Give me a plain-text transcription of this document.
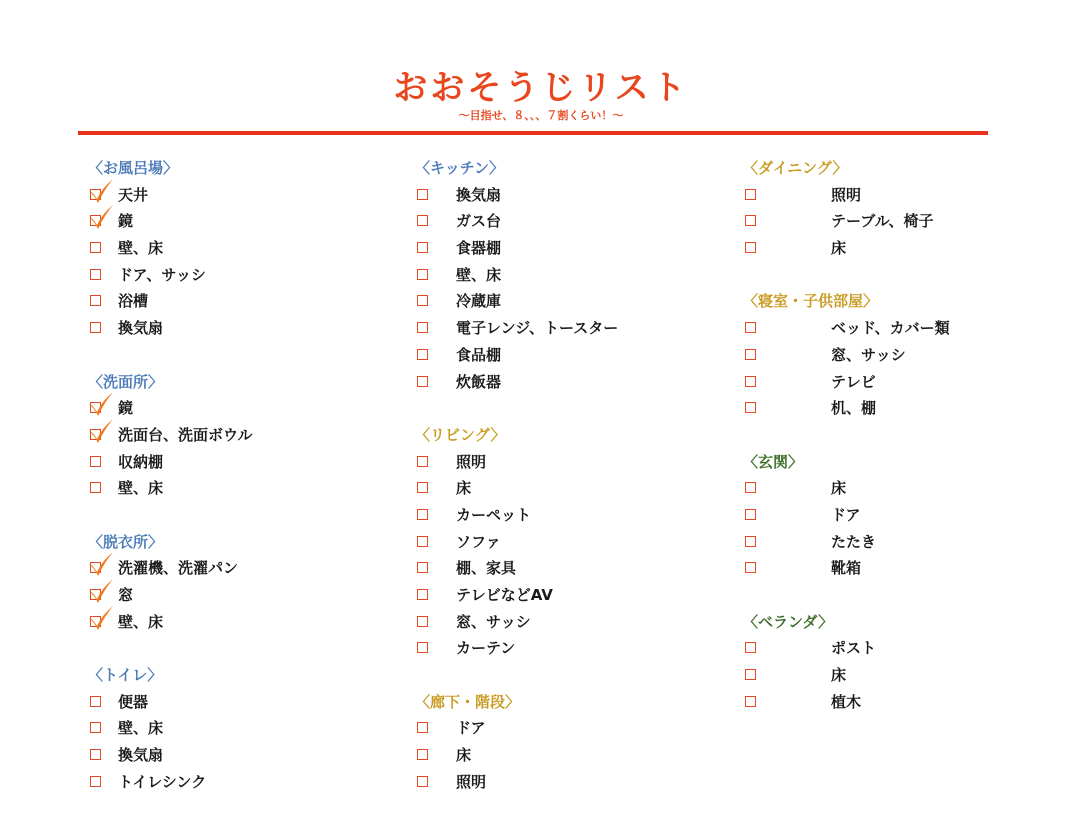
おおそうじリスト
〜目指せ、８、、、７割くらい！〜
〈お風呂場〉
天井
鏡
壁、床
ドア、サッシ
浴槽
換気扇
〈洗面所〉
鏡
洗面台、洗面ボウル
収納棚
壁、床
〈脱衣所〉
洗濯機、洗濯パン
窓
壁、床
〈トイレ〉
便器
壁、床
換気扇
トイレシンク
〈キッチン〉
換気扇
ガス台
食器棚
壁、床
冷蔵庫
電子レンジ、トースター
食品棚
炊飯器
〈リビング〉
照明
床
カーペット
ソファ
棚、家具
テレビなどAV
窓、サッシ
カーテン
〈廊下・階段〉
ドア
床
照明
〈ダイニング〉
照明
テーブル、椅子
床
〈寝室・子供部屋〉
ベッド、カバー類
窓、サッシ
テレビ
机、棚
〈玄関〉
床
ドア
たたき
靴箱
〈ベランダ〉
ポスト
床
植木
